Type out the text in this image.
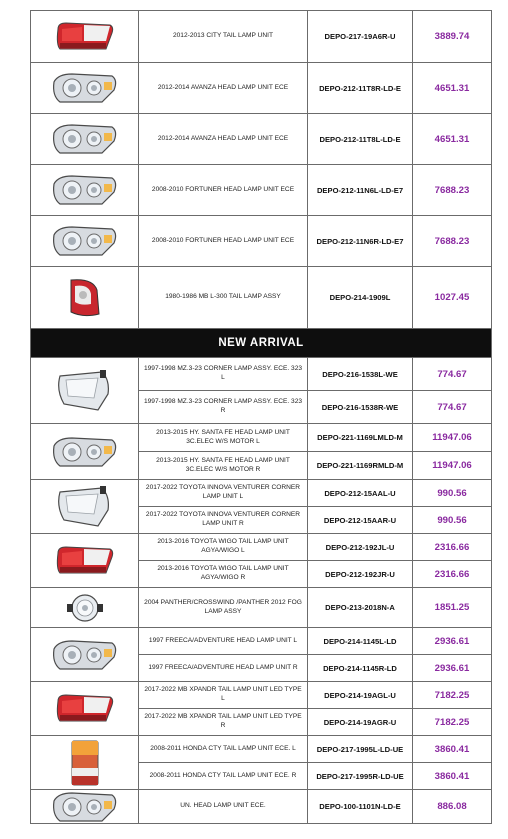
	2012-2013 CITY TAIL LAMP UNIT	DEPO-217-19A6R-U	3889.74

	2012-2014 AVANZA HEAD LAMP UNIT ECE	DEPO-212-11T8R-LD-E	4651.31

	2012-2014 AVANZA HEAD LAMP UNIT ECE	DEPO-212-11T8L-LD-E	4651.31

	2008-2010 FORTUNER HEAD LAMP UNIT ECE	DEPO-212-11N6L-LD-E7	7688.23

	2008-2010 FORTUNER HEAD LAMP UNIT ECE	DEPO-212-11N6R-LD-E7	7688.23

	1980-1986 MB L-300 TAIL LAMP ASSY	DEPO-214-1909L	1027.45
NEW ARRIVAL			

	1997-1998 MZ.3-23 CORNER LAMP ASSY. ECE. 323 L	DEPO-216-1538L-WE	774.67
	1997-1998 MZ.3-23 CORNER LAMP ASSY. ECE. 323 R	DEPO-216-1538R-WE	774.67

	2013-2015 HY. SANTA FE HEAD LAMP UNIT 3C.ELEC W/S MOTOR L	DEPO-221-1169LMLD-M	11947.06
	2013-2015 HY. SANTA FE HEAD LAMP UNIT 3C.ELEC W/S MOTOR R	DEPO-221-1169RMLD-M	11947.06

	2017-2022 TOYOTA INNOVA VENTURER CORNER LAMP UNIT L	DEPO-212-15AAL-U	990.56
	2017-2022 TOYOTA INNOVA VENTURER CORNER LAMP UNIT R	DEPO-212-15AAR-U	990.56

	2013-2016 TOYOTA WIGO TAIL LAMP UNIT AGYA/WIGO L	DEPO-212-192JL-U	2316.66
	2013-2016 TOYOTA WIGO TAIL LAMP UNIT AGYA/WIGO R	DEPO-212-192JR-U	2316.66

	2004 PANTHER/CROSSWIND /PANTHER 2012 FOG LAMP ASSY	DEPO-213-2018N-A	1851.25

	1997 FREECA/ADVENTURE HEAD LAMP UNIT L	DEPO-214-1145L-LD	2936.61
	1997 FREECA/ADVENTURE HEAD LAMP UNIT R	DEPO-214-1145R-LD	2936.61

	2017-2022 MB XPANDR TAIL LAMP UNIT LED TYPE L	DEPO-214-19AGL-U	7182.25
	2017-2022 MB XPANDR TAIL LAMP UNIT LED TYPE R	DEPO-214-19AGR-U	7182.25

	2008-2011 HONDA CTY TAIL LAMP UNIT ECE. L	DEPO-217-1995L-LD-UE	3860.41
	2008-2011 HONDA CTY TAIL LAMP UNIT ECE. R	DEPO-217-1995R-LD-UE	3860.41

	UN. HEAD LAMP UNIT ECE.	DEPO-100-1101N-LD-E	886.08
